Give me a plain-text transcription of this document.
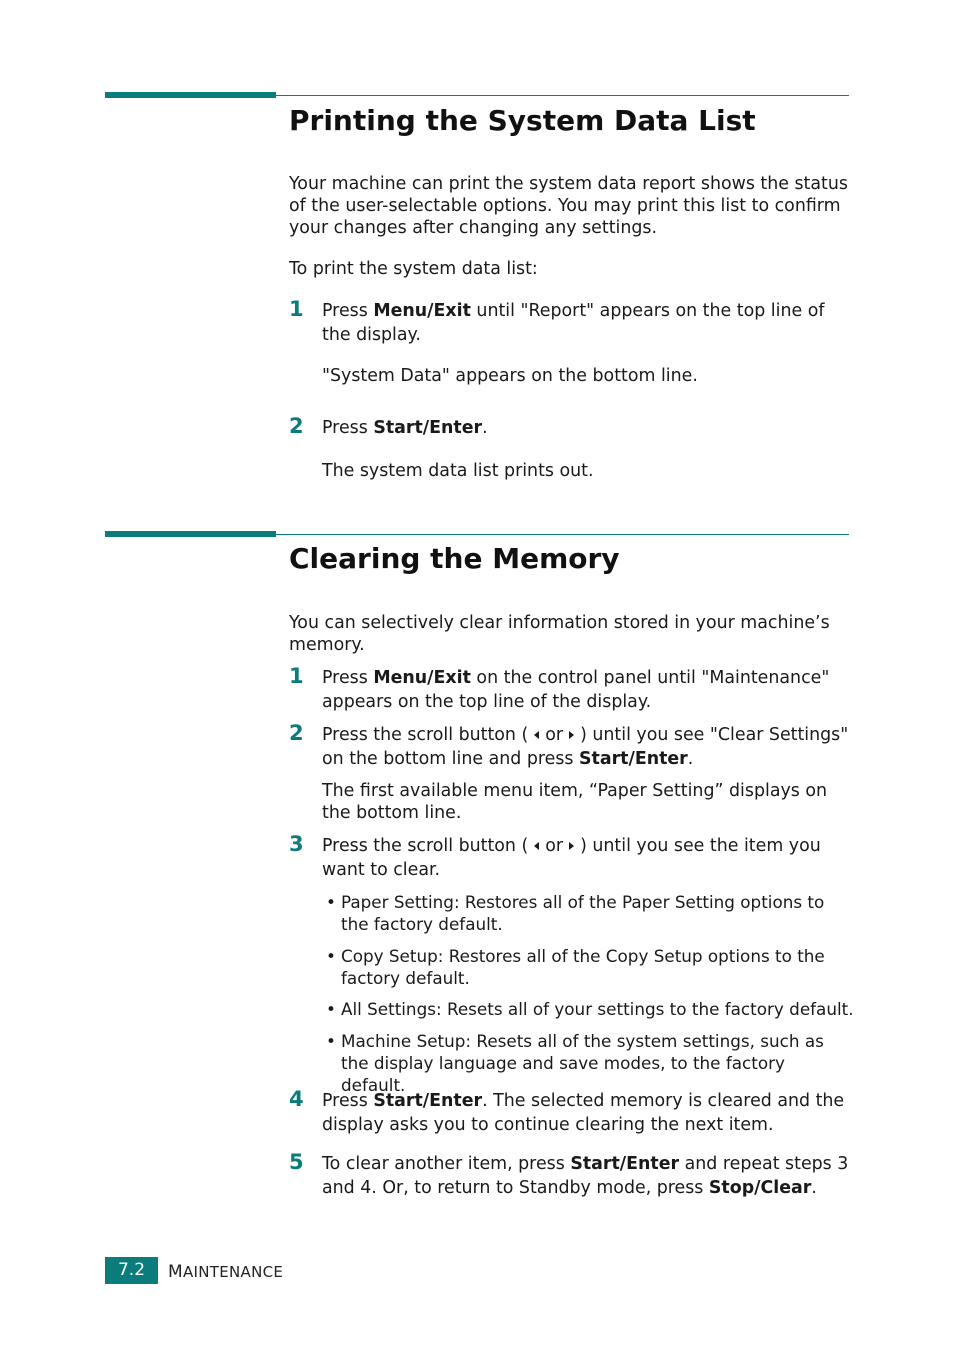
Printing the System Data List

Your machine can print the system data report shows the status of the user-selectable options. You may print this list to confirm your changes after changing any settings.

To print the system data list:

1 Press Menu/Exit until "Report" appears on the top line of the display.

"System Data" appears on the bottom line.

2 Press Start/Enter.

The system data list prints out.

Clearing the Memory

You can selectively clear information stored in your machine’s memory.

1 Press Menu/Exit on the control panel until "Maintenance" appears on the top line of the display.

2 Press the scroll button ( or ) until you see "Clear Settings" on the bottom line and press Start/Enter.

The first available menu item, “Paper Setting” displays on the bottom line.

3 Press the scroll button ( or ) until you see the item you want to clear.

• Paper Setting: Restores all of the Paper Setting options to the factory default.

• Copy Setup: Restores all of the Copy Setup options to the factory default.

• All Settings: Resets all of your settings to the factory default.

• Machine Setup: Resets all of the system settings, such as the display language and save modes, to the factory default.

4 Press Start/Enter. The selected memory is cleared and the display asks you to continue clearing the next item.

5 To clear another item, press Start/Enter and repeat steps 3 and 4. Or, to return to Standby mode, press Stop/Clear.

7.2	MAINTENANCE
